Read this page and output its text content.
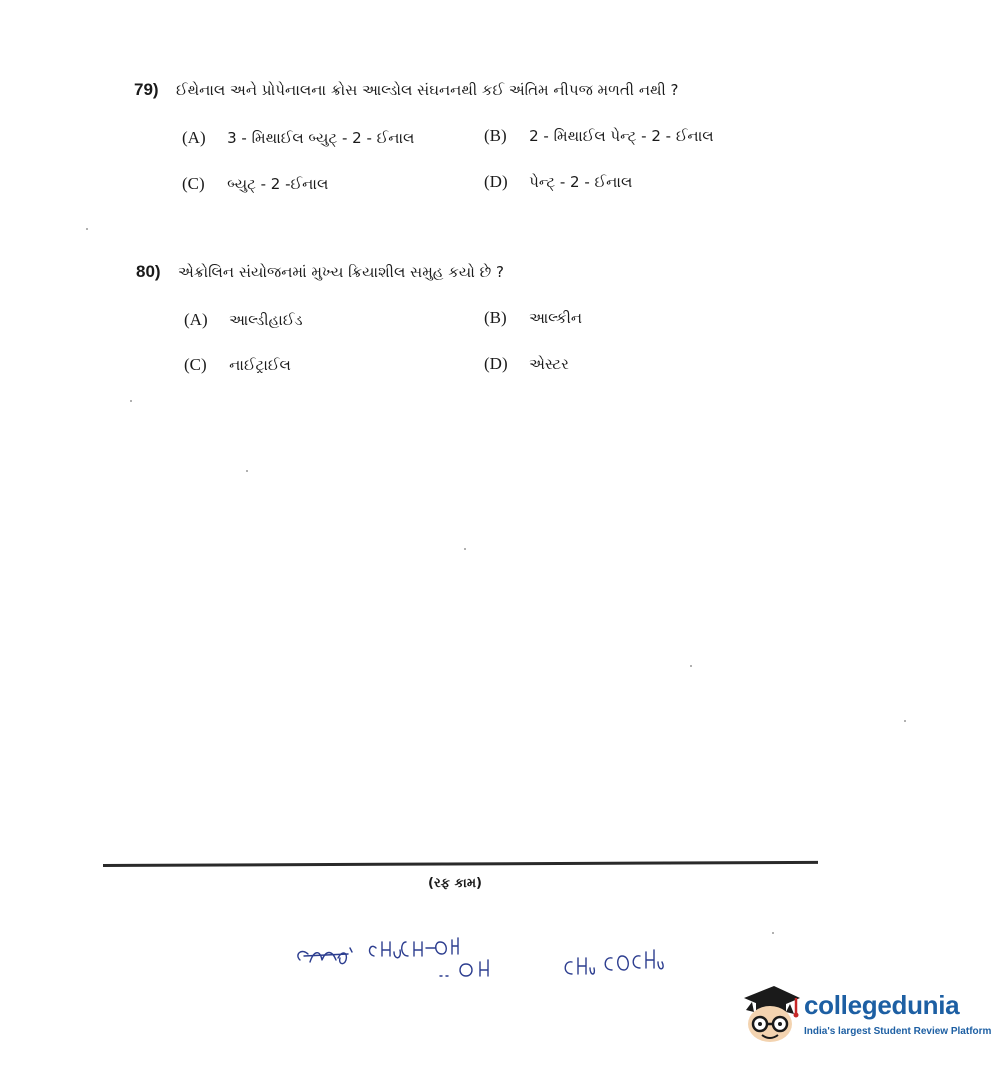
79) ઈથેનાલ અને પ્રોપેનાલના ક્રોસ આલ્ડોલ સંઘનનથી કઈ અંતિમ નીપજ મળતી નથી ?
(A) 3 - મિથાઈલ બ્યુટ્ - 2 - ઈનાલ	(B) 2 - મિથાઈલ પેન્ટ્ - 2 - ઈનાલ
(C) બ્યુટ્ - 2 -ઈનાલ	(D) પેન્ટ્ - 2 - ઈનાલ
80) એક્રોલિન સંયોજનમાં મુખ્ય ક્રિયાશીલ સમુહ કયો છે ?
(A) આલ્ડીહાઈડ	(B) આલ્કીન
(C) નાઈટ્રાઈલ	(D) એસ્ટર
(રફ કામ)
collegedunia
India's largest Student Review Platform
